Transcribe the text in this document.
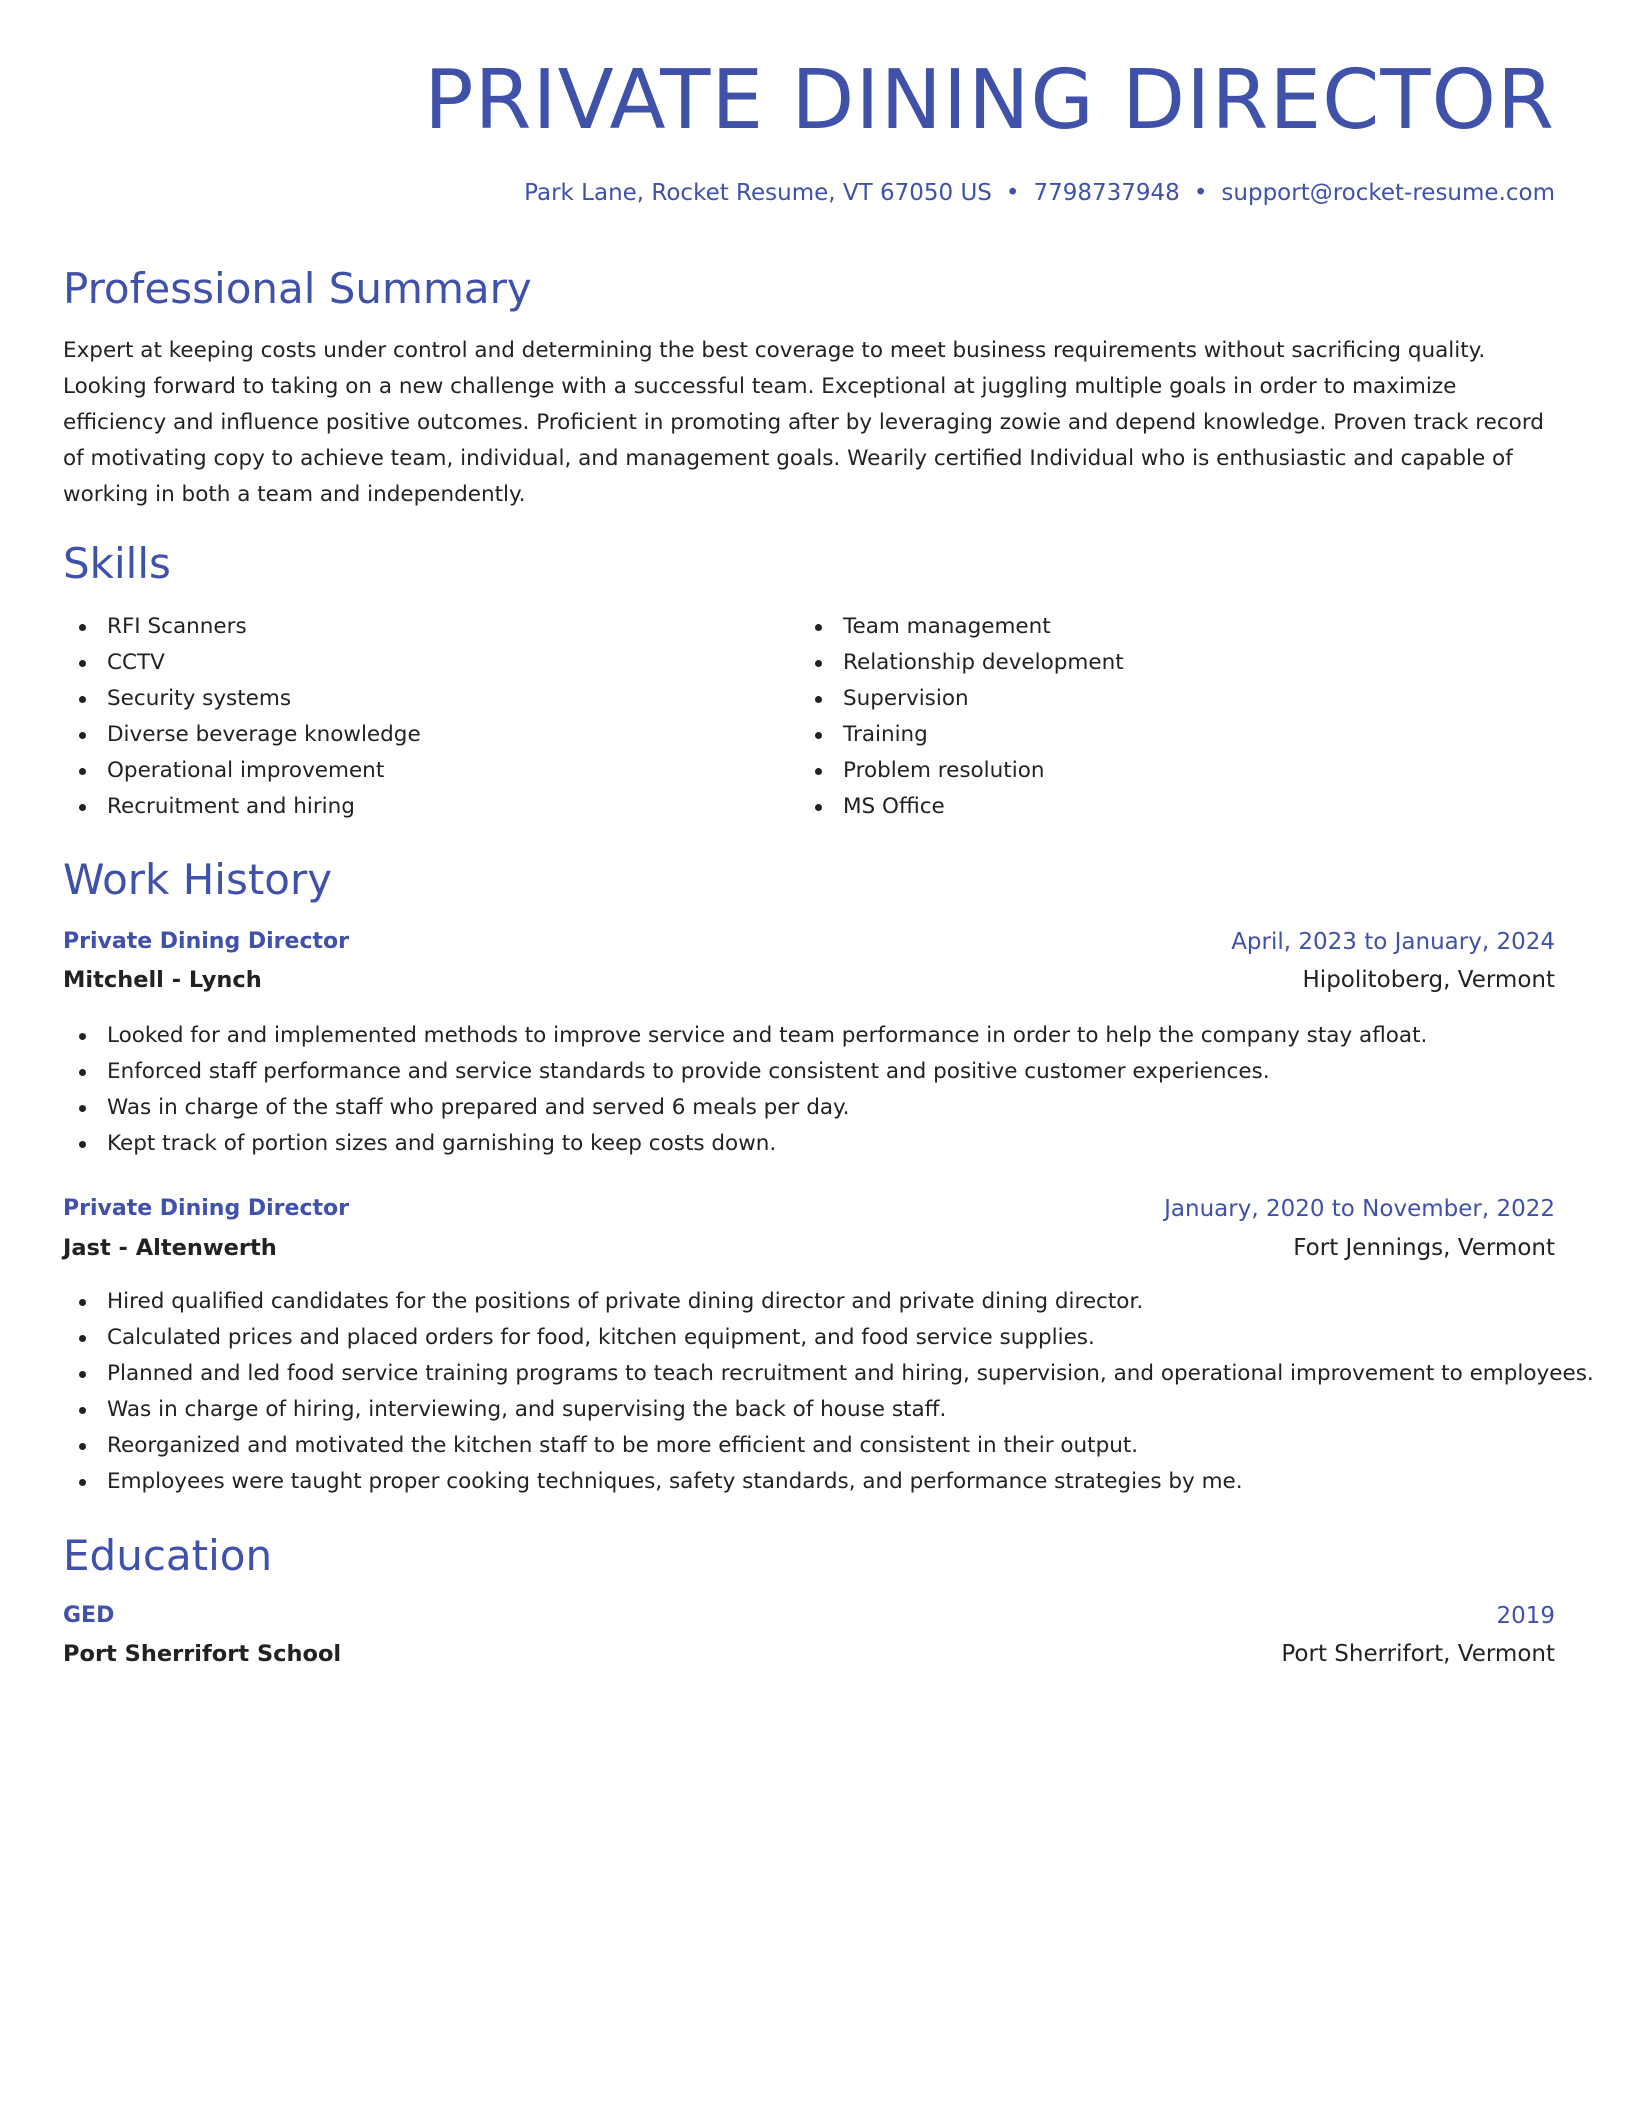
PRIVATE DINING DIRECTOR
Park Lane, Rocket Resume, VT 67050 US • 7798737948 • support@rocket-resume.com
Professional Summary

Expert at keeping costs under control and determining the best coverage to meet business requirements without sacrificing quality. Looking forward to taking on a new challenge with a successful team. Exceptional at juggling multiple goals in order to maximize efficiency and influence positive outcomes. Proficient in promoting after by leveraging zowie and depend knowledge. Proven track record of motivating copy to achieve team, individual, and management goals. Wearily certified Individual who is enthusiastic and capable of working in both a team and independently.

Skills
RFI Scanners
CCTV
Security systems
Diverse beverage knowledge
Operational improvement
Recruitment and hiring
Team management
Relationship development
Supervision
Training
Problem resolution
MS Office
Work History
Private Dining Director	April, 2023 to January, 2024
Mitchell - Lynch	Hipolitoberg, Vermont
Looked for and implemented methods to improve service and team performance in order to help the company stay afloat.
Enforced staff performance and service standards to provide consistent and positive customer experiences.
Was in charge of the staff who prepared and served 6 meals per day.
Kept track of portion sizes and garnishing to keep costs down.
Private Dining Director	January, 2020 to November, 2022
Jast - Altenwerth	Fort Jennings, Vermont
Hired qualified candidates for the positions of private dining director and private dining director.
Calculated prices and placed orders for food, kitchen equipment, and food service supplies.
Planned and led food service training programs to teach recruitment and hiring, supervision, and operational improvement to employees.
Was in charge of hiring, interviewing, and supervising the back of house staff.
Reorganized and motivated the kitchen staff to be more efficient and consistent in their output.
Employees were taught proper cooking techniques, safety standards, and performance strategies by me.
Education
GED	2019
Port Sherrifort School	Port Sherrifort, Vermont
